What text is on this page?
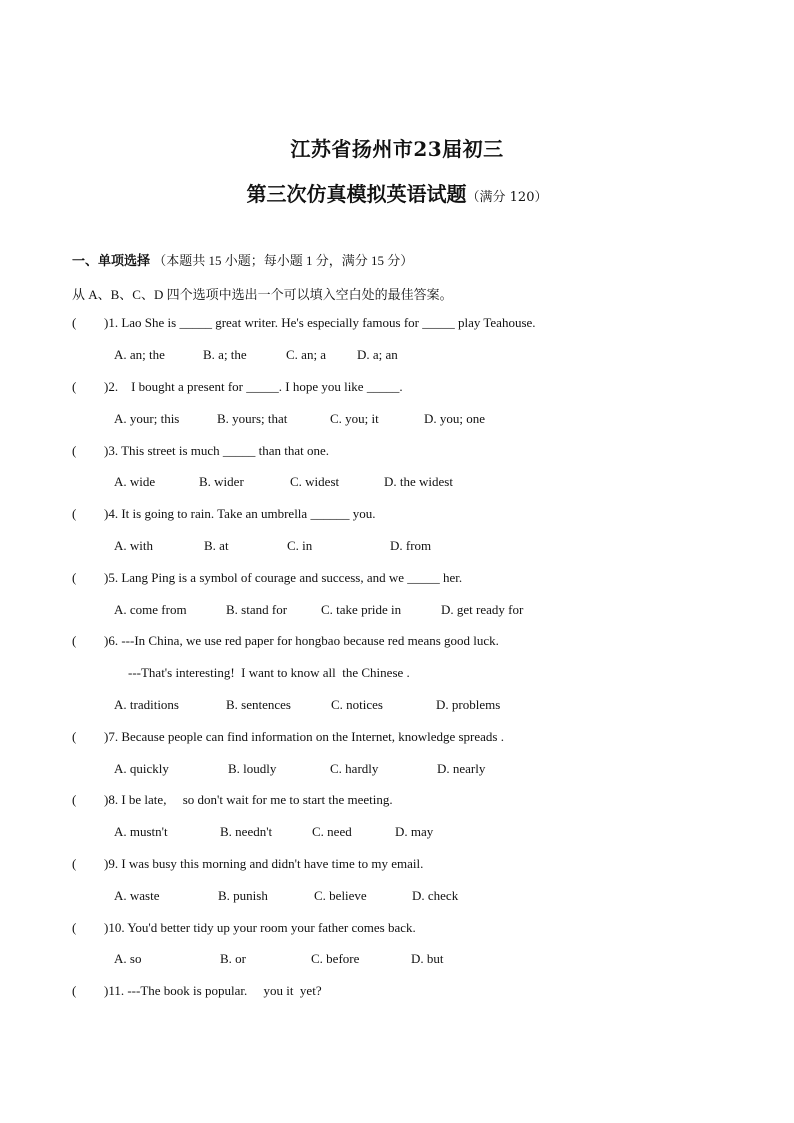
江苏省扬州市23届初三
第三次仿真模拟英语试题（满分 120）
一、单项选择 （本题共 15 小题；每小题 1 分，满分 15 分）
从 A、B、C、D 四个选项中选出一个可以填入空白处的最佳答案。
( )1. Lao She is _____ great writer. He's especially famous for _____ play Teahouse.
A. an; the	B. a; the	C. an; a D. a; an
( )2.    I bought a present for _____. I hope you like _____.
A. your; this	B. yours; that	C. you; it	D. you; one
( )3. This street is much _____ than that one.
A. wide	B. wider	C. widest	D. the widest
( )4. It is going to rain. Take an umbrella ______ you.
A. with	B. at	C. in	D. from
( )5. Lang Ping is a symbol of courage and success, and we _____ her.
A. come from	B. stand for	C. take pride in	D. get ready for
( )6. ---In China, we use red paper for hongbao because red means good luck.
---That's interesting!  I want to know all  the Chinese .
A. traditions	B. sentences	C. notices	D. problems
( )7. Because people can find information on the Internet, knowledge spreads .
A. quickly	B. loudly	C. hardly	D. nearly
( )8. I be late,     so don't wait for me to start the meeting.
A. mustn't	B. needn't	C. need	D. may
( )9. I was busy this morning and didn't have time to my email.
A. waste	B. punish	C. believe	D. check
( )10. You'd better tidy up your room your father comes back.
A. so	B. or	C. before	D. but
( )11. ---The book is popular.     you it  yet?
